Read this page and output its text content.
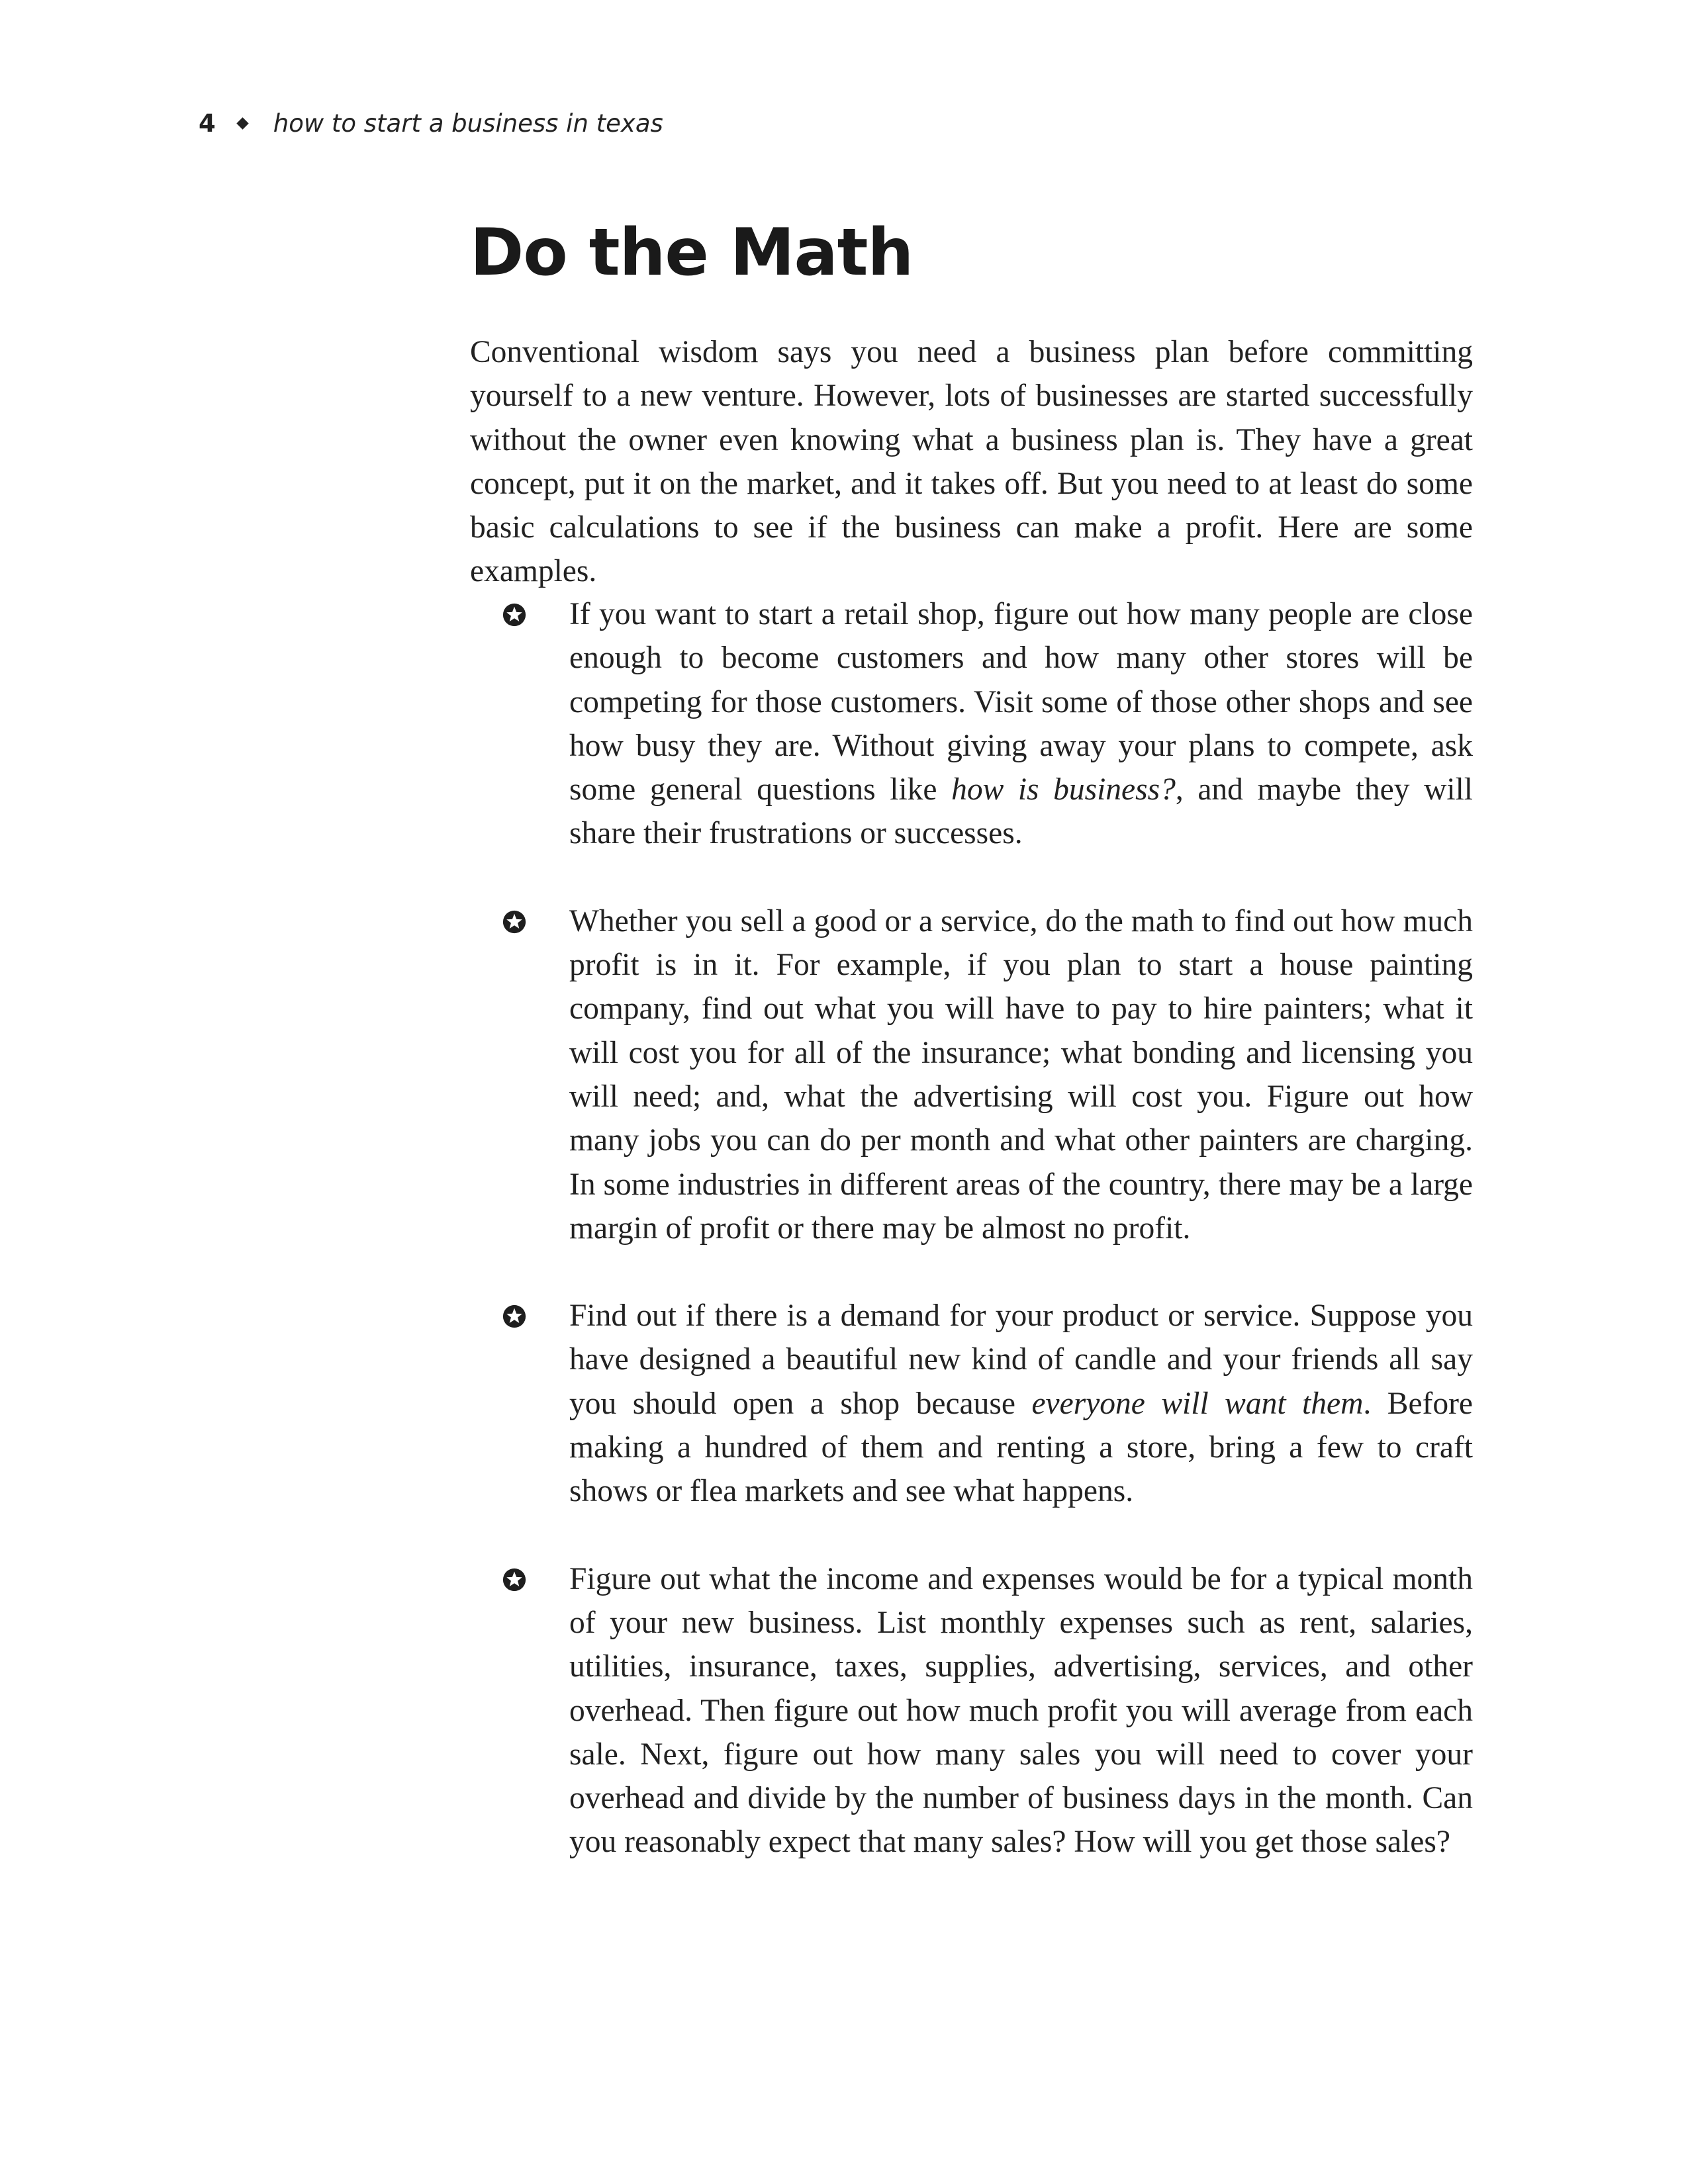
4 how to start a business in texas
Do the Math

Conventional wisdom says you need a business plan before committing yourself to a new venture. However, lots of businesses are started successfully without the owner even knowing what a business plan is. They have a great concept, put it on the market, and it takes off. But you need to at least do some basic calculations to see if the business can make a profit. Here are some examples.

If you want to start a retail shop, figure out how many people are close enough to become customers and how many other stores will be competing for those customers. Visit some of those other shops and see how busy they are. Without giving away your plans to compete, ask some general questions like how is business?, and maybe they will share their frustrations or successes.

Whether you sell a good or a service, do the math to find out how much profit is in it. For example, if you plan to start a house painting company, find out what you will have to pay to hire painters; what it will cost you for all of the insurance; what bonding and licensing you will need; and, what the advertising will cost you. Figure out how many jobs you can do per month and what other painters are charging. In some industries in different areas of the country, there may be a large margin of profit or there may be almost no profit.

Find out if there is a demand for your product or service. Suppose you have designed a beautiful new kind of candle and your friends all say you should open a shop because everyone will want them. Before making a hundred of them and renting a store, bring a few to craft shows or flea markets and see what happens.

Figure out what the income and expenses would be for a typical month of your new business. List monthly expenses such as rent, salaries, utilities, insurance, taxes, supplies, advertising, services, and other overhead. Then figure out how much profit you will average from each sale. Next, figure out how many sales you will need to cover your overhead and divide by the number of business days in the month. Can you reasonably expect that many sales? How will you get those sales?
